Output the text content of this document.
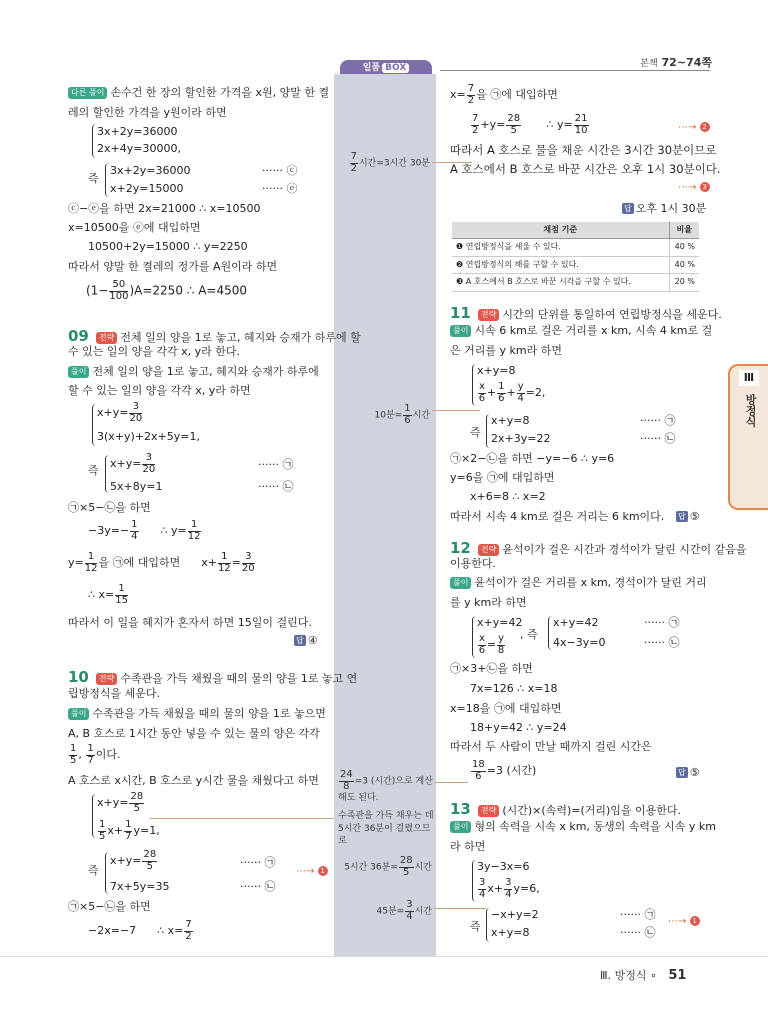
일품 BOX	본책 72~74쪽
Ⅲ
방정식
다른 풀이 손수건 한 장의 할인한 가격을 x원, 양말 한 켤
레의 할인한 가격을 y원이라 하면
3x+2y=36000
2x+4y=30000,
즉
3x+2y=36000
x+2y=15000
······ ⓒ
······ ⓔ
ⓒ−ⓔ을 하면 2x=21000 ∴ x=10500
x=10500을 ⓔ에 대입하면
10500+2y=15000 ∴ y=2250
따라서 양말 한 켤레의 정가를 A원이라 하면
$(1- \frac{50}{100} )A=2250$ ∴ A=4500
09 전략 전체 일의 양을 1로 놓고, 혜지와 승재가 하루에 할
수 있는 일의 양을 각각 x, y라 한다.
풀이 전체 일의 양을 1로 놓고, 혜지와 승재가 하루에
할 수 있는 일의 양을 각각 x, y라 하면
$x+y= \frac{3}{20}$
3(x+y)+2x+5y=1,
즉
$x+y= \frac{3}{20}$
5x+8y=1
······ ㉠
······ ㉡
㉠×5−㉡을 하면
$-3y=- \frac{1}{4}$ ∴ $y= \frac{1}{12}$
$y= \frac{1}{12}$ 을 ㉠에 대입하면 $x+ \frac{1}{12} = \frac{3}{20}$
∴ $x= \frac{1}{15}$
따라서 이 일을 혜지가 혼자서 하면 15일이 걸린다.
답 ④
10 전략 수족관을 가득 채웠을 때의 물의 양을 1로 놓고 연
립방정식을 세운다.
풀이 수족관을 가득 채웠을 때의 물의 양을 1로 놓으면
A, B 호스로 1시간 동안 넣을 수 있는 물의 양은 각각
$\frac{1}{5}$ , $\frac{1}{7}$ 이다.
A 호스로 x시간, B 호스로 y시간 물을 채웠다고 하면
$x+y= \frac{28}{5}$
$\frac{1}{5} x+ \frac{1}{7} y=1$,
즉
$x+y= \frac{28}{5}$
7x+5y=35
······ ㉠
······ ㉡
⋯→ 1
㉠×5−㉡을 하면
−2x=−7 ∴ $x= \frac{7}{2}$
$\frac{7}{2}$ 시간=3시간 30분
10분= $\frac{1}{6}$ 시간
$\frac{24}{8} =3$ (시간)으로 계산
해도 된다.
수족관을 가득 채우는 데
5시간 36분이 걸렸으므
로
5시간 36분= $\frac{28}{5}$ 시간
45분= $\frac{3}{4}$ 시간
$x= \frac{7}{2}$ 을 ㉠에 대입하면
$\frac{7}{2} +y= \frac{28}{5}$ ∴ $y= \frac{21}{10}$	⋯→ 2
따라서 A 호스로 물을 채운 시간은 3시간 30분이므로
A 호스에서 B 호스로 바꾼 시간은 오후 1시 30분이다.
⋯→ 3
답 오후 1시 30분
채점 기준	비율
❶ 연립방정식을 세울 수 있다.	40 %
❷ 연립방정식의 해를 구할 수 있다.	40 %
❸ A 호스에서 B 호스로 바꾼 시각을 구할 수 있다.	20 %
11 전략 시간의 단위를 통일하여 연립방정식을 세운다.
풀이 시속 6 km로 걸은 거리를 x km, 시속 4 km로 걸
은 거리를 y km라 하면
x+y=8
$\frac{x}{6} + \frac{1}{6} + \frac{y}{4} =2$,
즉
x+y=8
2x+3y=22
······ ㉠
······ ㉡
㉠×2−㉡을 하면 −y=−6 ∴ y=6
y=6을 ㉠에 대입하면
x+6=8 ∴ x=2
따라서 시속 4 km로 걸은 거리는 6 km이다. 답 ⑤
12 전략 윤석이가 걸은 시간과 경석이가 달린 시간이 같음을
이용한다.
풀이 윤석이가 걸은 거리를 x km, 경석이가 달린 거리
를 y km라 하면
x+y=42
$\frac{x}{6} = \frac{y}{8}$ , 즉
x+y=42
4x−3y=0
······ ㉠
······ ㉡
㉠×3+㉡을 하면
7x=126 ∴ x=18
x=18을 ㉠에 대입하면
18+y=42 ∴ y=24
따라서 두 사람이 만날 때까지 걸린 시간은
$\frac{18}{6} =3$ (시간)	답 ⑤
13 전략 (시간)×(속력)=(거리)임을 이용한다.
풀이 형의 속력을 시속 x km, 동생의 속력을 시속 y km
라 하면
3y−3x=6
$\frac{3}{4} x+ \frac{3}{4} y=6$,
즉
−x+y=2
x+y=8
······ ㉠
······ ㉡
⋯→ 1
Ⅲ. 방정식 ∘ 51
